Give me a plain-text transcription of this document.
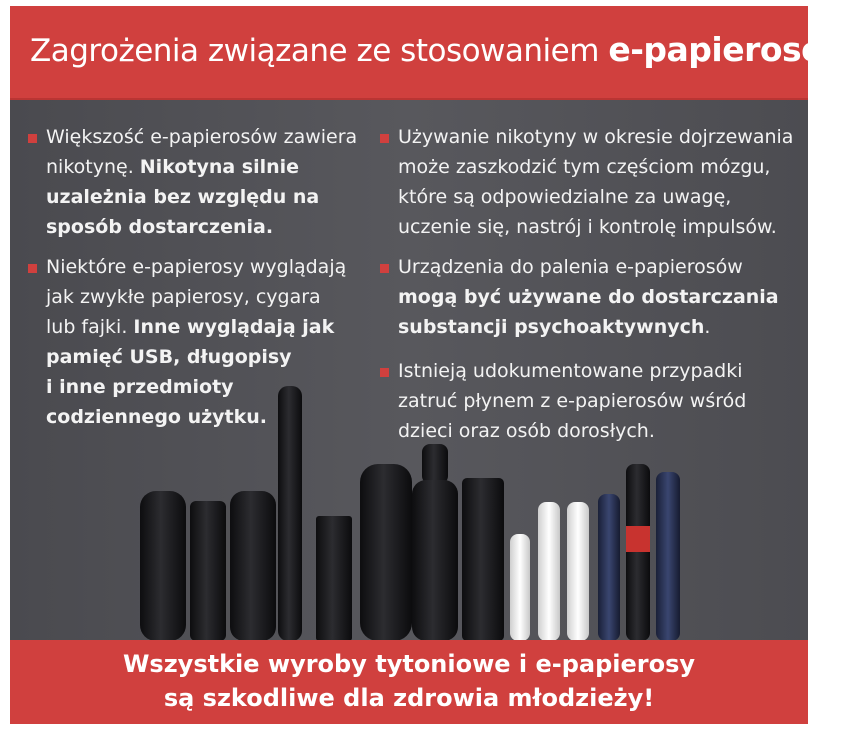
Zagrożenia związane ze stosowaniem e-papierosów
Większość e-papierosów zawiera
nikotynę. Nikotyna silnie
uzależnia bez względu na
sposób dostarczenia.
Niektóre e-papierosy wyglądają
jak zwykłe papierosy, cygara
lub fajki. Inne wyglądają jak
pamięć USB, długopisy
i inne przedmioty
codziennego użytku.
Używanie nikotyny w okresie dojrzewania
może zaszkodzić tym częściom mózgu,
które są odpowiedzialne za uwagę,
uczenie się, nastrój i kontrolę impulsów.
Urządzenia do palenia e-papierosów
mogą być używane do dostarczania
substancji psychoaktywnych.
Istnieją udokumentowane przypadki
zatruć płynem z e-papierosów wśród
dzieci oraz osób dorosłych.
Wszystkie wyroby tytoniowe i e-papierosy
są szkodliwe dla zdrowia młodzieży!
